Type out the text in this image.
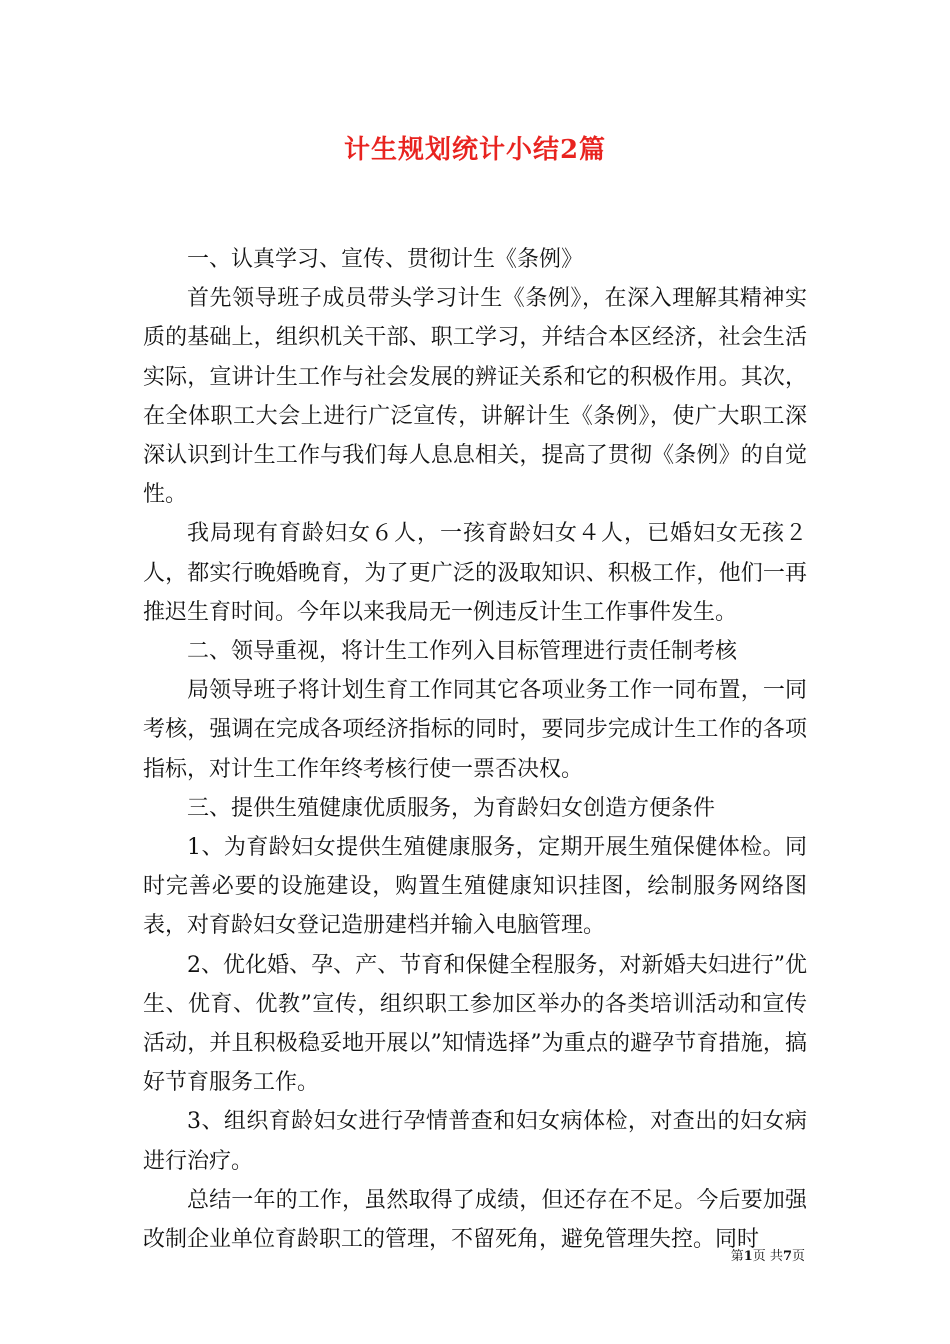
计生规划统计小结2篇

一、认真学习、宣传、贯彻计生《条例》

首先领导班子成员带头学习计生《条例》，在深入理解其精神实质的基础上，组织机关干部、职工学习，并结合本区经济，社会生活实际，宣讲计生工作与社会发展的辨证关系和它的积极作用。其次，在全体职工大会上进行广泛宣传，讲解计生《条例》，使广大职工深深认识到计生工作与我们每人息息相关，提高了贯彻《条例》的自觉性。

我局现有育龄妇女６人，一孩育龄妇女４人，已婚妇女无孩２人，都实行晚婚晚育，为了更广泛的汲取知识、积极工作，他们一再推迟生育时间。今年以来我局无一例违反计生工作事件发生。

二、领导重视，将计生工作列入目标管理进行责任制考核

局领导班子将计划生育工作同其它各项业务工作一同布置，一同考核，强调在完成各项经济指标的同时，要同步完成计生工作的各项指标，对计生工作年终考核行使一票否决权。

三、提供生殖健康优质服务，为育龄妇女创造方便条件

1、为育龄妇女提供生殖健康服务，定期开展生殖保健体检。同时完善必要的设施建设，购置生殖健康知识挂图，绘制服务网络图表，对育龄妇女登记造册建档并输入电脑管理。

2、优化婚、孕、产、节育和保健全程服务，对新婚夫妇进行”优生、优育、优教”宣传，组织职工参加区举办的各类培训活动和宣传活动，并且积极稳妥地开展以”知情选择”为重点的避孕节育措施，搞好节育服务工作。

3、组织育龄妇女进行孕情普查和妇女病体检，对查出的妇女病进行治疗。

总结一年的工作，虽然取得了成绩，但还存在不足。今后要加强改制企业单位育龄职工的管理，不留死角，避免管理失控。同时

第1页 共7页
